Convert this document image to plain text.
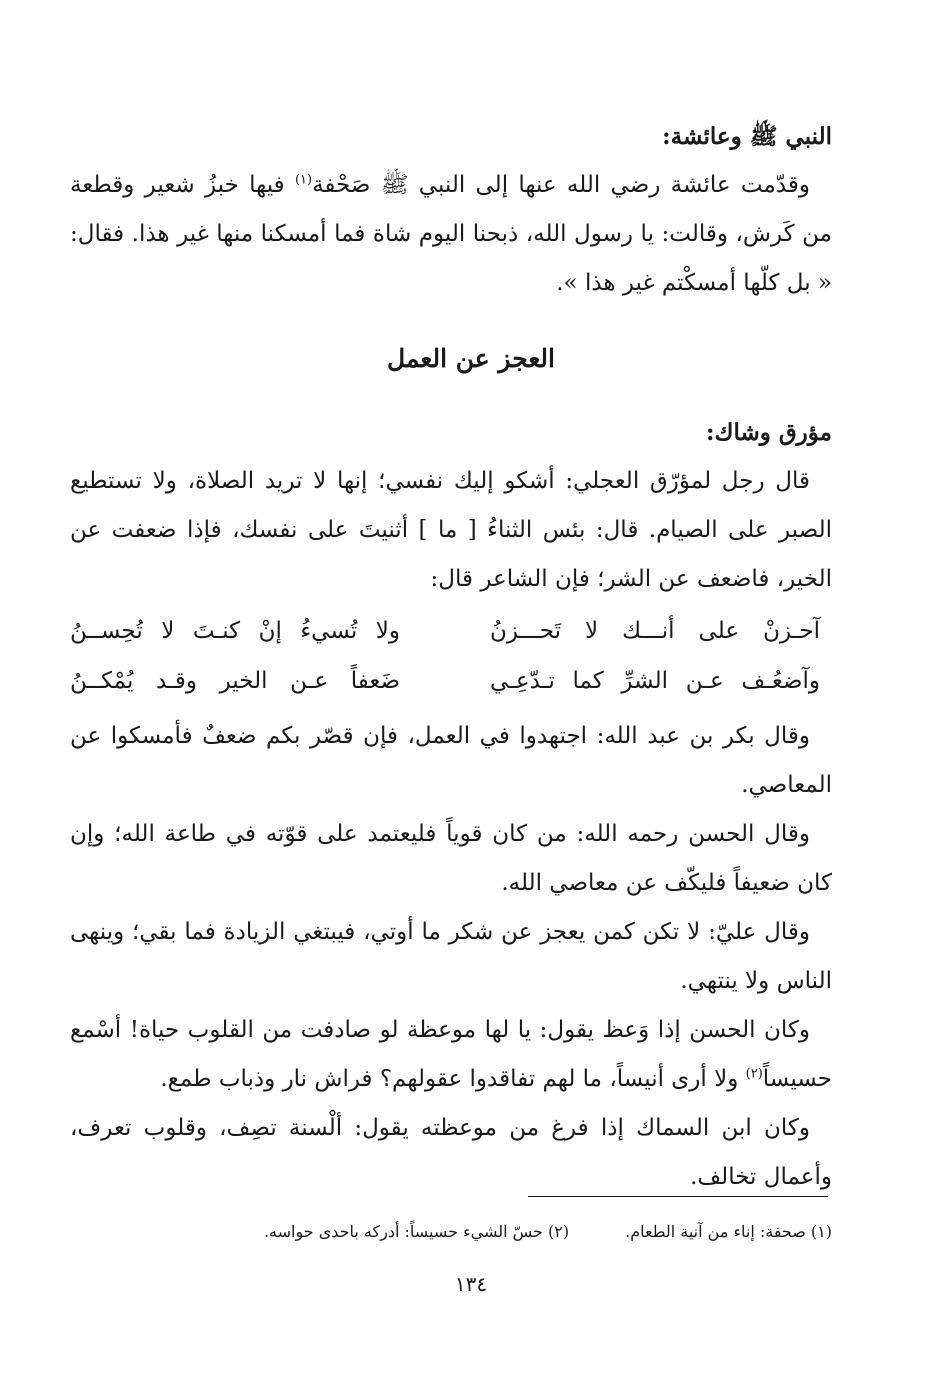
النبي ﷺ وعائشة:

وقدّمت عائشة رضي الله عنها إلى النبي ﷺ صَحْفة$^{(١)}$ فيها خبزُ شعير وقطعة من كَرش، وقالت: يا رسول الله، ذبحنا اليوم شاة فما أمسكنا منها غير هذا. فقال: « بل كلّها أمسكْتم غير هذا ».

العجز عن العمل

مؤرق وشاك:

قال رجل لمؤرّق العجلي: أشكو إليك نفسي؛ إنها لا تريد الصلاة، ولا تستطيع الصبر على الصيام. قال: بئس الثناءُ [ ما ] أثنيتَ على نفسك، فإذا ضعفت عن الخير، فاضعف عن الشر؛ فإن الشاعر قال:

آحـزنْ على أنـــك لا تَحـــزنُ
ولا تُسيءُ إنْ كنـتَ لا تُحِســنُ
وآضعُـف عـن الشرِّ كما تـدّعِـي
ضَعفاً عـن الخير وقـد يُمْكــنُ

وقال بكر بن عبد الله: اجتهدوا في العمل، فإن قصّر بكم ضعفٌ فأمسكوا عن المعاصي.

وقال الحسن رحمه الله: من كان قوياً فليعتمد على قوّته في طاعة الله؛ وإن كان ضعيفاً فليكّف عن معاصي الله.

وقال عليّ: لا تكن كمن يعجز عن شكر ما أوتي، فيبتغي الزيادة فما بقي؛ وينهى الناس ولا ينتهي.

وكان الحسن إذا وَعظ يقول: يا لها موعظة لو صادفت من القلوب حياة! أسْمع حسيساً$^{(٢)}$ ولا أرى أنيساً، ما لهم تفاقدوا عقولهم؟ فراش نار وذباب طمع.

وكان ابن السماك إذا فرغ من موعظته يقول: ألْسنة تصِف، وقلوب تعرف، وأعمال تخالف.

(١) صحفة: إناء من آنية الطعام.
(٢) حسّ الشيء حسيساً: أدركه باحدى حواسه.
١٣٤
